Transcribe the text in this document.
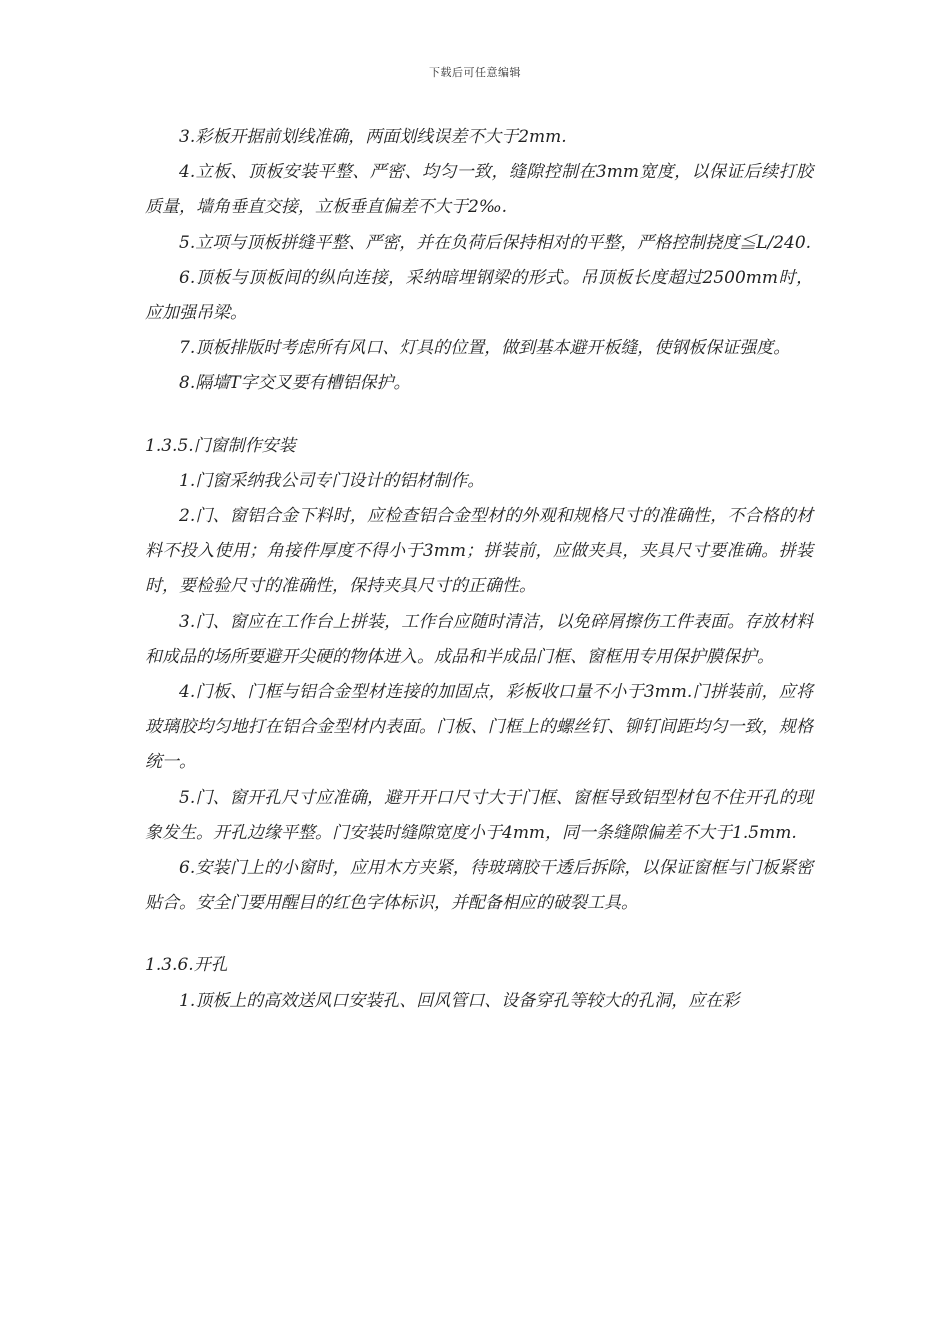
下载后可任意编辑

3.彩板开据前划线准确，两面划线误差不大于2mm.

4.立板、顶板安装平整、严密、均匀一致，缝隙控制在3mm宽度，以保证后续打胶质量，墙角垂直交接，立板垂直偏差不大于2‰.

5.立项与顶板拼缝平整、严密，并在负荷后保持相对的平整，严格控制挠度≦L/240.

6.顶板与顶板间的纵向连接，采纳暗埋钢梁的形式。吊顶板长度超过2500mm时，应加强吊梁。

7.顶板排版时考虑所有风口、灯具的位置，做到基本避开板缝，使钢板保证强度。

8.隔墙T字交叉要有槽铝保护。

1.3.5.门窗制作安装

1.门窗采纳我公司专门设计的铝材制作。

2.门、窗铝合金下料时，应检查铝合金型材的外观和规格尺寸的准确性，不合格的材料不投入使用；角接件厚度不得小于3mm；拼装前，应做夹具，夹具尺寸要准确。拼装时，要检验尺寸的准确性，保持夹具尺寸的正确性。

3.门、窗应在工作台上拼装，工作台应随时清洁，以免碎屑擦伤工件表面。存放材料和成品的场所要避开尖硬的物体进入。成品和半成品门框、窗框用专用保护膜保护。

4.门板、门框与铝合金型材连接的加固点，彩板收口量不小于3mm.门拼装前，应将玻璃胶均匀地打在铝合金型材内表面。门板、门框上的螺丝钉、铆钉间距均匀一致，规格统一。

5.门、窗开孔尺寸应准确，避开开口尺寸大于门框、窗框导致铝型材包不住开孔的现象发生。开孔边缘平整。门安装时缝隙宽度小于4mm，同一条缝隙偏差不大于1.5mm.

6.安装门上的小窗时，应用木方夹紧，待玻璃胶干透后拆除，以保证窗框与门板紧密贴合。安全门要用醒目的红色字体标识，并配备相应的破裂工具。

1.3.6.开孔

1.顶板上的高效送风口安装孔、回风管口、设备穿孔等较大的孔洞，应在彩
